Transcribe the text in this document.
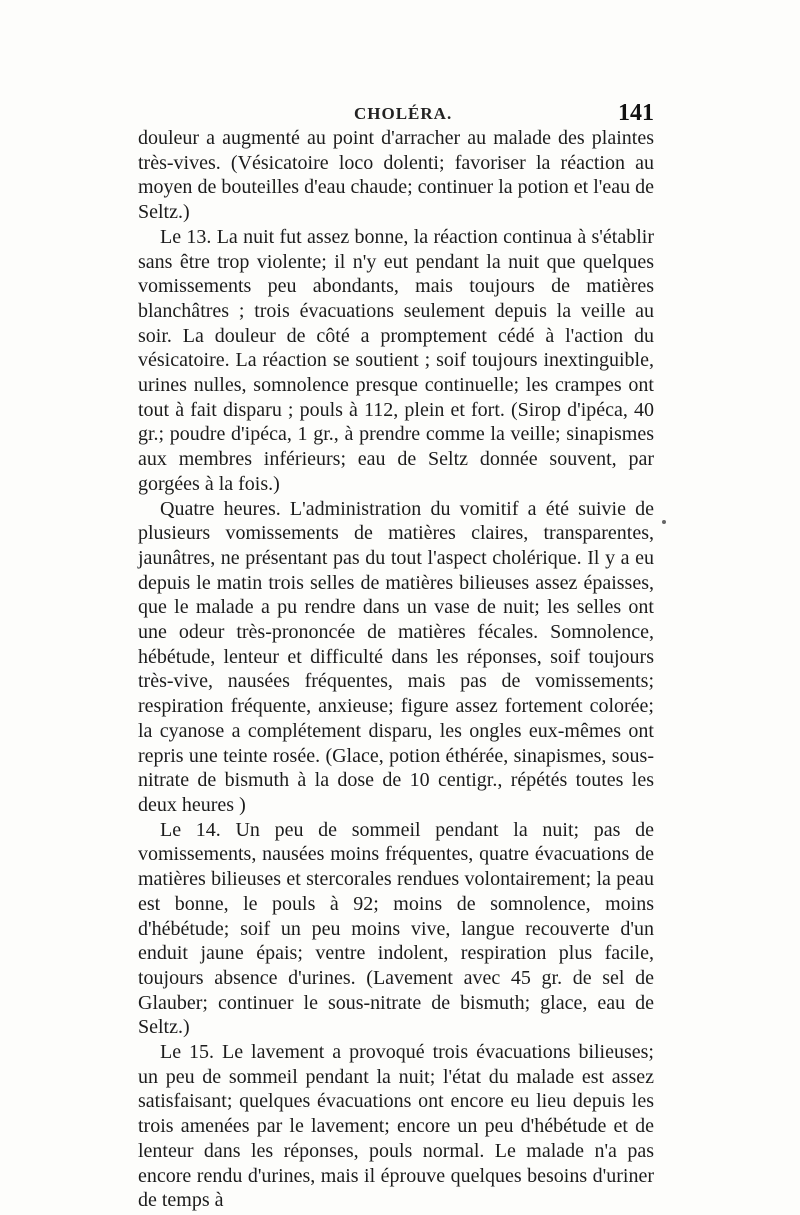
CHOLÉRA.	141

douleur a augmenté au point d'arracher au malade des plaintes très-vives. (Vésicatoire loco dolenti; favoriser la réaction au moyen de bouteilles d'eau chaude; continuer la potion et l'eau de Seltz.)

Le 13. La nuit fut assez bonne, la réaction continua à s'établir sans être trop violente; il n'y eut pendant la nuit que quelques vomissements peu abondants, mais toujours de matières blanchâtres ; trois évacuations seulement depuis la veille au soir. La douleur de côté a promptement cédé à l'action du vésicatoire. La réaction se soutient ; soif toujours inextinguible, urines nulles, somnolence presque continuelle; les crampes ont tout à fait disparu ; pouls à 112, plein et fort. (Sirop d'ipéca, 40 gr.; poudre d'ipéca, 1 gr., à prendre comme la veille; sinapismes aux membres inférieurs; eau de Seltz donnée souvent, par gorgées à la fois.)

Quatre heures. L'administration du vomitif a été suivie de plusieurs vomissements de matières claires, transparentes, jaunâtres, ne présentant pas du tout l'aspect cholérique. Il y a eu depuis le matin trois selles de matières bilieuses assez épaisses, que le malade a pu rendre dans un vase de nuit; les selles ont une odeur très-prononcée de matières fécales. Somnolence, hébétude, lenteur et difficulté dans les réponses, soif toujours très-vive, nausées fréquentes, mais pas de vomissements; respiration fréquente, anxieuse; figure assez fortement colorée; la cyanose a complétement disparu, les ongles eux-mêmes ont repris une teinte rosée. (Glace, potion éthérée, sinapismes, sous-nitrate de bismuth à la dose de 10 centigr., répétés toutes les deux heures )

Le 14. Un peu de sommeil pendant la nuit; pas de vomissements, nausées moins fréquentes, quatre évacuations de matières bilieuses et stercorales rendues volontairement; la peau est bonne, le pouls à 92; moins de somnolence, moins d'hébétude; soif un peu moins vive, langue recouverte d'un enduit jaune épais; ventre indolent, respiration plus facile, toujours absence d'urines. (Lavement avec 45 gr. de sel de Glauber; continuer le sous-nitrate de bismuth; glace, eau de Seltz.)

Le 15. Le lavement a provoqué trois évacuations bilieuses; un peu de sommeil pendant la nuit; l'état du malade est assez satisfaisant; quelques évacuations ont encore eu lieu depuis les trois amenées par le lavement; encore un peu d'hébétude et de lenteur dans les réponses, pouls normal. Le malade n'a pas encore rendu d'urines, mais il éprouve quelques besoins d'uriner de temps à
